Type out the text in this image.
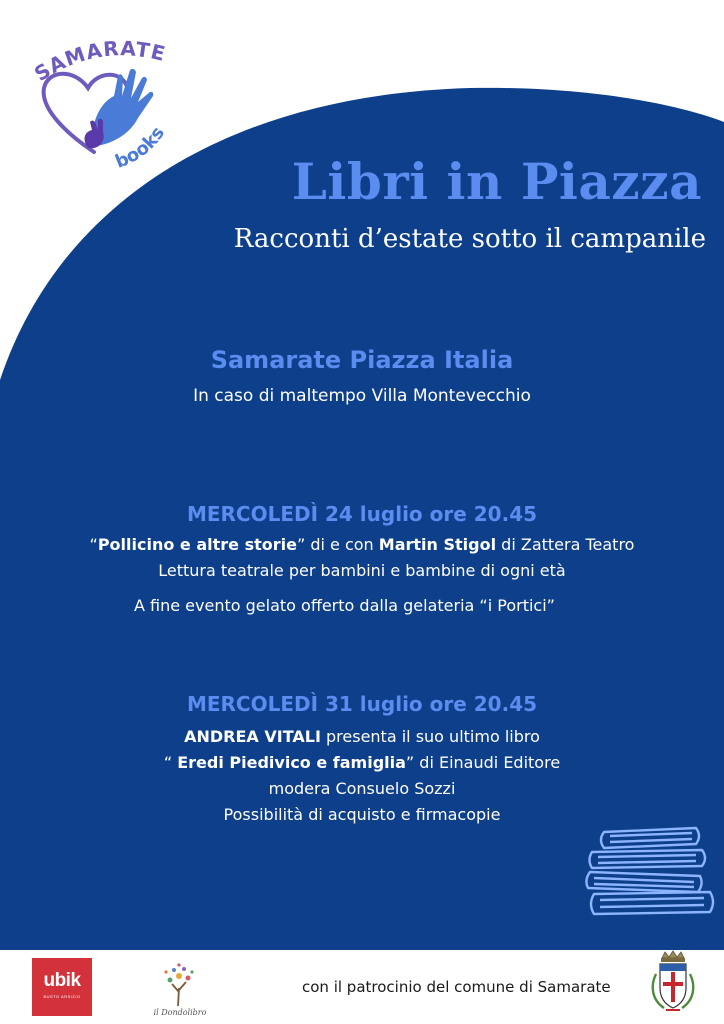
SAMARATE
books
Libri in Piazza
Racconti d’estate sotto il campanile
Samarate Piazza Italia
In caso di maltempo Villa Montevecchio
MERCOLEDÌ 24 luglio ore 20.45
“Pollicino e altre storie” di e con Martin Stigol di Zattera Teatro
Lettura teatrale per bambini e bambine di ogni età
A fine evento gelato offerto dalla gelateria “i Portici”
MERCOLEDÌ 31 luglio ore 20.45
ANDREA VITALI presenta il suo ultimo libro
“ Eredi Piedivico e famiglia” di Einaudi Editore
modera Consuelo Sozzi
Possibilità di acquisto e firmacopie
ubik
BUSTO ARSIZIO
il Dondolibro
con il patrocinio del comune di Samarate
